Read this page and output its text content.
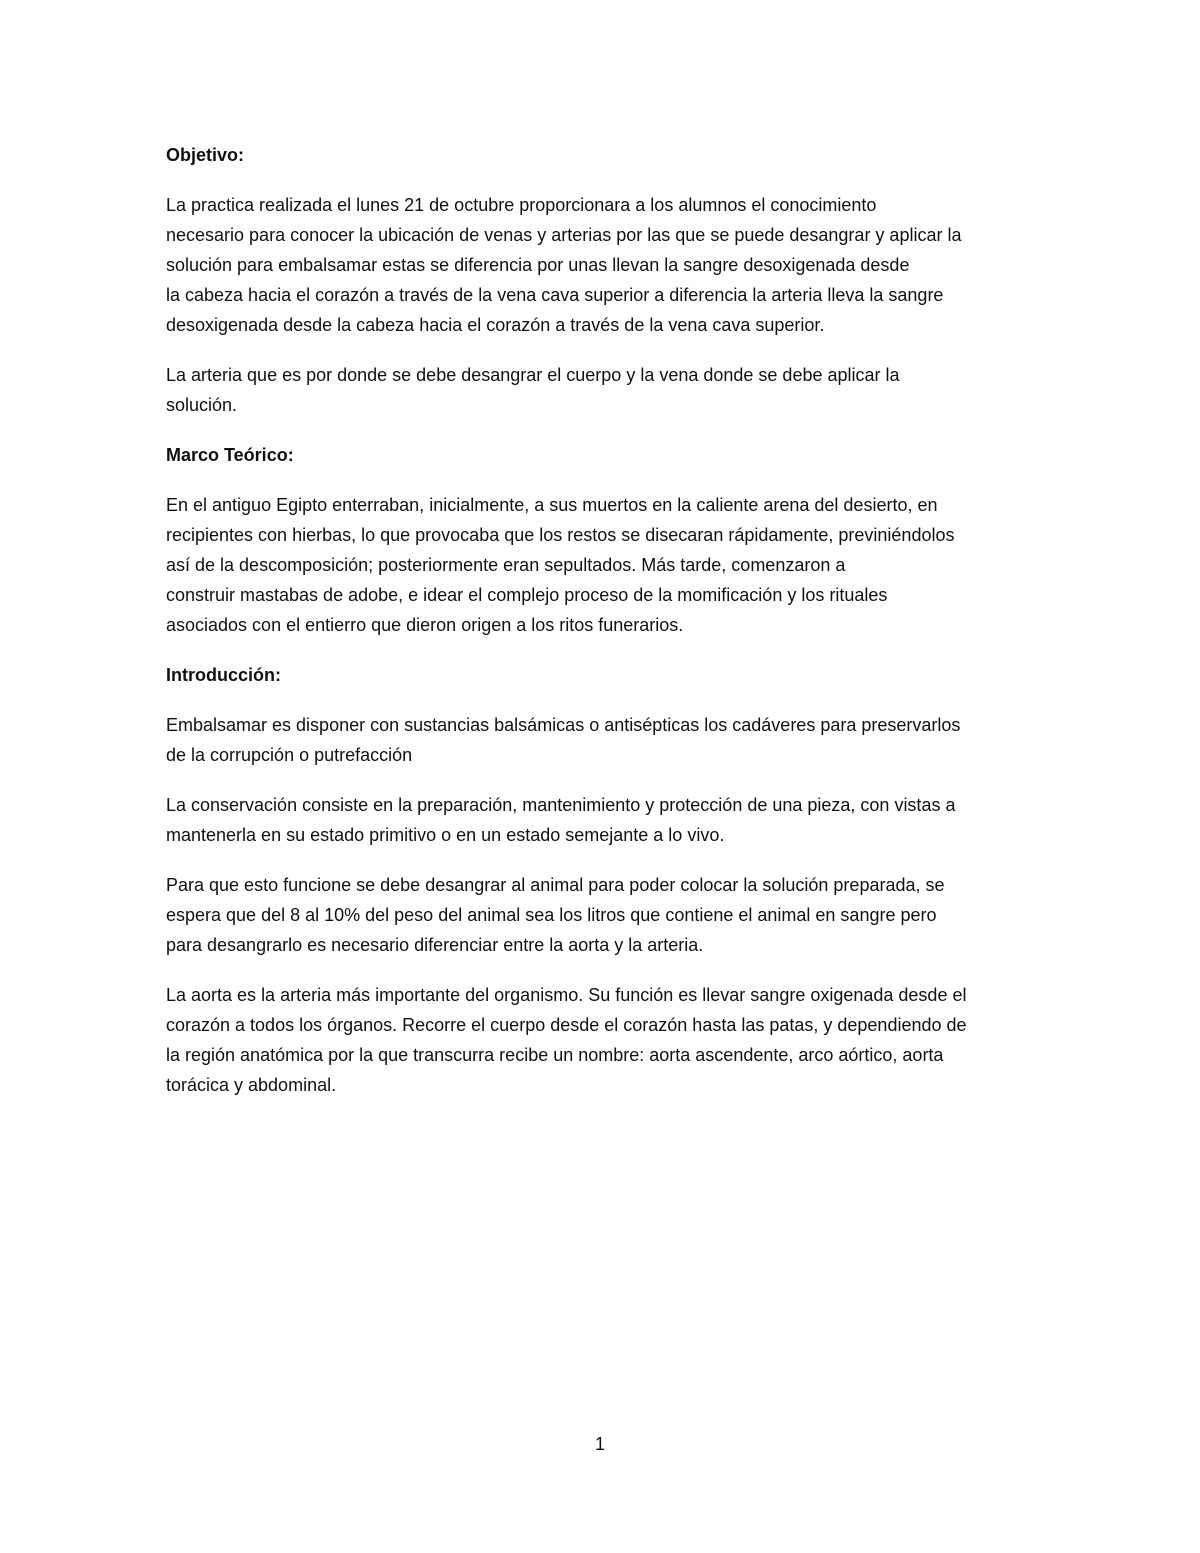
Objetivo:
La practica realizada el lunes 21 de octubre proporcionara a los alumnos el conocimiento
necesario para conocer la ubicación de venas y arterias por las que se puede desangrar y aplicar la
solución para embalsamar estas se diferencia por unas llevan la sangre desoxigenada desde
la cabeza hacia el corazón a través de la vena cava superior a diferencia la arteria lleva la sangre
desoxigenada desde la cabeza hacia el corazón a través de la vena cava superior.
La arteria que es por donde se debe desangrar el cuerpo y la vena donde se debe aplicar la
solución.
Marco Teórico:
En el antiguo Egipto enterraban, inicialmente, a sus muertos en la caliente arena del desierto, en
recipientes con hierbas, lo que provocaba que los restos se disecaran rápidamente, previniéndolos
así de la descomposición; posteriormente eran sepultados. Más tarde, comenzaron a
construir mastabas de adobe, e idear el complejo proceso de la momificación y los rituales
asociados con el entierro que dieron origen a los ritos funerarios.
Introducción:
Embalsamar es disponer con sustancias balsámicas o antisépticas los cadáveres para preservarlos
de la corrupción o putrefacción
La conservación consiste en la preparación, mantenimiento y protección de una pieza, con vistas a
mantenerla en su estado primitivo o en un estado semejante a lo vivo.
Para que esto funcione se debe desangrar al animal para poder colocar la solución preparada, se
espera que del 8 al 10% del peso del animal sea los litros que contiene el animal en sangre pero
para desangrarlo es necesario diferenciar entre la aorta y la arteria.
La aorta es la arteria más importante del organismo. Su función es llevar sangre oxigenada desde el
corazón a todos los órganos. Recorre el cuerpo desde el corazón hasta las patas, y dependiendo de
la región anatómica por la que transcurra recibe un nombre: aorta ascendente, arco aórtico, aorta
torácica y abdominal.
1
